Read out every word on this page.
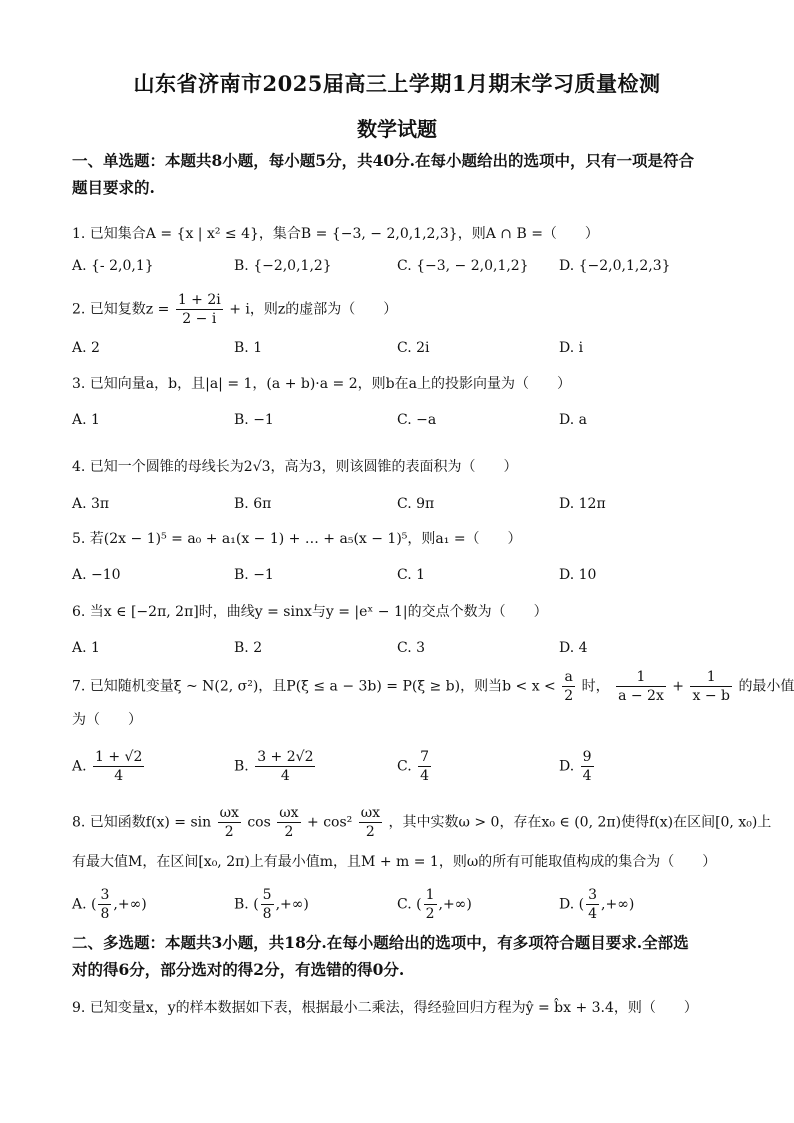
山东省济南市2025届高三上学期1月期末学习质量检测
数学试题
一、单选题：本题共8小题，每小题5分，共40分.在每小题给出的选项中，只有一项是符合
题目要求的.
1. 已知集合A = {x | x² ≤ 4}，集合B = {−3, − 2,0,1,2,3}，则A ∩ B =（　　）
A. {- 2,0,1}	B. {−2,0,1,2}	C. {−3, − 2,0,1,2} D. {−2,0,1,2,3}
2. 已知复数$z = \frac{1 + 2i}{2 - i} + i$，则z的虚部为（　　）
A. 2	B. 1	C. 2i	D. i
3. 已知向量a，b，且|a| = 1，(a + b)·a = 2，则b在a上的投影向量为（　　）
A. 1	B. −1	C. −a	D. a
4. 已知一个圆锥的母线长为2√3，高为3，则该圆锥的表面积为（　　）
A. 3π	B. 6π	C. 9π	D. 12π
5. 若(2x − 1)⁵ = a₀ + a₁(x − 1) + … + a₅(x − 1)⁵，则a₁ =（　　）
A. −10	B. −1	C. 1	D. 10
6. 当x ∈ [−2π, 2π]时，曲线y = sinx与y = |eˣ − 1|的交点个数为（　　）
A. 1	B. 2	C. 3	D. 4
7. 已知随机变量ξ ~ N(2, σ²)，且P(ξ ≤ a − 3b) = P(ξ ≥ b)，则当$b < x < \frac{a}{2}$ 时， $\frac{1}{a - 2x} + \frac{1}{x - b}$ 的最小值
为（　　）
A. $\frac{1 + √2}{4}$	B. $\frac{3 + 2√2}{4}$	C. $\frac{7}{4}$	D. $\frac{9}{4}$
8. 已知函数$f(x) = \sin \frac{\omega x}{2}$ $\cos \frac{\omega x}{2} + \cos^2 \frac{\omega x}{2}$ ，其中实数ω > 0，存在x₀ ∈ (0, 2π)使得f(x)在区间[0, x₀)上
有最大值M，在区间[x₀, 2π)上有最小值m，且M + m = 1，则ω的所有可能取值构成的集合为（　　）
A. ( $\frac{3}{8}$ ,+∞)	B. ( $\frac{5}{8}$ ,+∞)	C. ( $\frac{1}{2}$ ,+∞)	D. ( $\frac{3}{4}$ ,+∞)
二、多选题：本题共3小题，共18分.在每小题给出的选项中，有多项符合题目要求.全部选
对的得6分，部分选对的得2分，有选错的得0分.
9. 已知变量x，y的样本数据如下表，根据最小二乘法，得经验回归方程为ŷ = b̂x + 3.4，则（　　）
